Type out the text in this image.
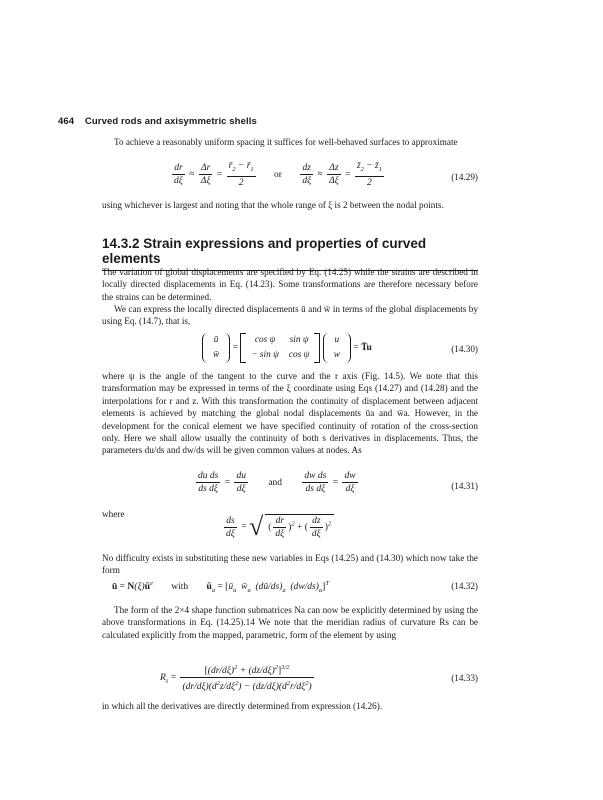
464 Curved rods and axisymmetric shells
To achieve a reasonably uniform spacing it suffices for well-behaved surfaces to approximate
$\frac{dr}{d\xi} \approx \frac{\Delta r}{\Delta\xi} = \frac{r̄_2 - r̄_1}{2}$ or $\frac{dz}{d\xi} \approx \frac{\Delta z}{\Delta\xi} = \frac{z̄_2 - z̄_1}{2}$	(14.29)
using whichever is largest and noting that the whole range of ξ is 2 between the nodal points.
14.3.2 Strain expressions and properties of curved elements
The variation of global displacements are specified by Eq. (14.25) while the strains are described in locally directed displacements in Eq. (14.23). Some transformations are therefore necessary before the strains can be determined.
We can express the locally directed displacements ū and w̄ in terms of the global displacements by using Eq. (14.7), that is,
ū
w̄
=
cos ψ	sin ψ
− sin ψ	cos ψ

u
w
= T̄u	(14.30)
where ψ is the angle of the tangent to the curve and the r axis (Fig. 14.5). We note that this transformation may be expressed in terms of the ξ coordinate using Eqs (14.27) and (14.28) and the interpolations for r and z. With this transformation the continuity of displacement between adjacent elements is achieved by matching the global nodal displacements ūa and w̄a. However, in the development for the conical element we have specified continuity of rotation of the cross-section only. Here we shall allow usually the continuity of both s derivatives in displacements. Thus, the parameters du/ds and dw/ds will be given common values at nodes. As
$\frac{\text{du ds}}{\text{ds dξ}} = \frac{du}{d\xi}$ and $\frac{\text{dw ds}}{\text{ds dξ}} = \frac{dw}{d\xi}$	(14.31)
where
$\frac{ds}{d\xi}$ = √ ( $\frac{dr}{d\xi} )^2$ + ( $\frac{dz}{d\xi} )^2$
No difficulty exists in substituting these new variables in Eqs (14.25) and (14.30) which now take the form
ū = $N(\xi)ũ^e$ with $ũ_a$ = [$ū_a$ $w̄_a$  $(dū/ds)_a$  $(dw/ds)_a]^T$	(14.32)
The form of the 2×4 shape function submatrices Na can now be explicitly determined by using the above transformations in Eq. (14.25).14 We note that the meridian radius of curvature Rs can be calculated explicitly from the mapped, parametric, form of the element by using
$R_s = \frac{[(dr/d\xi)^2 + (dz/d\xi)^2]^{3/2}}{(dr/d\xi)(d^2z/d\xi^2) - (dz/d\xi)(d^2r/d\xi^2)}$	(14.33)
in which all the derivatives are directly determined from expression (14.26).
